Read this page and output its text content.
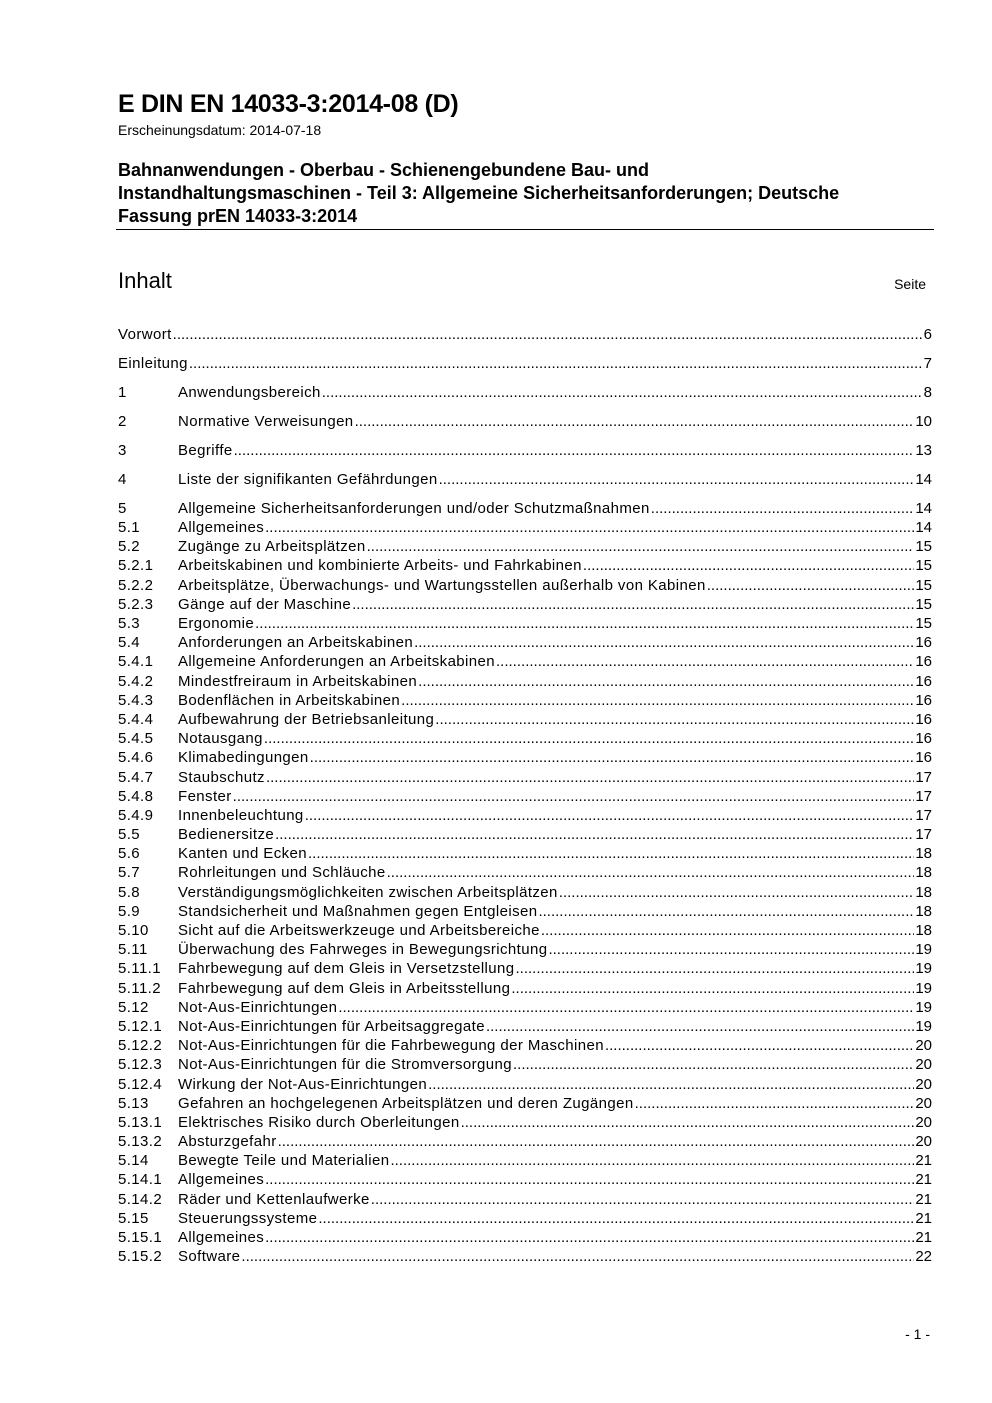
E DIN EN 14033-3:2014-08 (D)
Erscheinungsdatum: 2014-07-18
Bahnanwendungen - Oberbau - Schienengebundene Bau- und
Instandhaltungsmaschinen - Teil 3: Allgemeine Sicherheitsanforderungen; Deutsche
Fassung prEN 14033-3:2014
Inhalt	Seite
Vorwort .....	6
Einleitung .....	7
1	Anwendungsbereich .....	8
2	Normative Verweisungen .....	10
3	Begriffe .....	13
4	Liste der signifikanten Gefährdungen .....	14
5	Allgemeine Sicherheitsanforderungen und/oder Schutzmaßnahmen .....	14
5.1	Allgemeines .....	14
5.2	Zugänge zu Arbeitsplätzen .....	15
5.2.1	Arbeitskabinen und kombinierte Arbeits- und Fahrkabinen .....	15
5.2.2	Arbeitsplätze, Überwachungs- und Wartungsstellen außerhalb von Kabinen .....	15
5.2.3	Gänge auf der Maschine .....	15
5.3	Ergonomie .....	15
5.4	Anforderungen an Arbeitskabinen .....	16
5.4.1	Allgemeine Anforderungen an Arbeitskabinen .....	16
5.4.2	Mindestfreiraum in Arbeitskabinen .....	16
5.4.3	Bodenflächen in Arbeitskabinen .....	16
5.4.4	Aufbewahrung der Betriebsanleitung .....	16
5.4.5	Notausgang .....	16
5.4.6	Klimabedingungen .....	16
5.4.7	Staubschutz .....	17
5.4.8	Fenster .....	17
5.4.9	Innenbeleuchtung .....	17
5.5	Bedienersitze .....	17
5.6	Kanten und Ecken .....	18
5.7	Rohrleitungen und Schläuche .....	18
5.8	Verständigungsmöglichkeiten zwischen Arbeitsplätzen .....	18
5.9	Standsicherheit und Maßnahmen gegen Entgleisen .....	18
5.10	Sicht auf die Arbeitswerkzeuge und Arbeitsbereiche .....	18
5.11	Überwachung des Fahrweges in Bewegungsrichtung .....	19
5.11.1	Fahrbewegung auf dem Gleis in Versetzstellung .....	19
5.11.2	Fahrbewegung auf dem Gleis in Arbeitsstellung .....	19
5.12	Not-Aus-Einrichtungen .....	19
5.12.1	Not-Aus-Einrichtungen für Arbeitsaggregate .....	19
5.12.2	Not-Aus-Einrichtungen für die Fahrbewegung der Maschinen .....	20
5.12.3	Not-Aus-Einrichtungen für die Stromversorgung .....	20
5.12.4	Wirkung der Not-Aus-Einrichtungen .....	20
5.13	Gefahren an hochgelegenen Arbeitsplätzen und deren Zugängen .....	20
5.13.1	Elektrisches Risiko durch Oberleitungen .....	20
5.13.2	Absturzgefahr .....	20
5.14	Bewegte Teile und Materialien .....	21
5.14.1	Allgemeines .....	21
5.14.2	Räder und Kettenlaufwerke .....	21
5.15	Steuerungssysteme .....	21
5.15.1	Allgemeines .....	21
5.15.2	Software .....	22
- 1 -
